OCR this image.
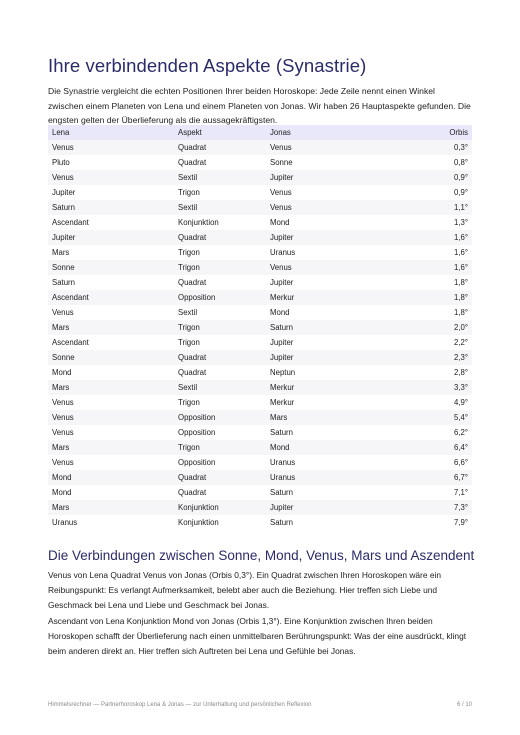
Ihre verbindenden Aspekte (Synastrie)

Die Synastrie vergleicht die echten Positionen Ihrer beiden Horoskope: Jede Zeile nennt einen Winkel zwischen einem Planeten von Lena und einem Planeten von Jonas. Wir haben 26 Hauptaspekte gefunden. Die engsten gelten der Überlieferung als die aussagekräftigsten.

Lena	Aspekt	Jonas	Orbis
Venus	Quadrat	Venus	0,3°
Pluto	Quadrat	Sonne	0,8°
Venus	Sextil	Jupiter	0,9°
Jupiter	Trigon	Venus	0,9°
Saturn	Sextil	Venus	1,1°
Ascendant	Konjunktion	Mond	1,3°
Jupiter	Quadrat	Jupiter	1,6°
Mars	Trigon	Uranus	1,6°
Sonne	Trigon	Venus	1,6°
Saturn	Quadrat	Jupiter	1,8°
Ascendant	Opposition	Merkur	1,8°
Venus	Sextil	Mond	1,8°
Mars	Trigon	Saturn	2,0°
Ascendant	Trigon	Jupiter	2,2°
Sonne	Quadrat	Jupiter	2,3°
Mond	Quadrat	Neptun	2,8°
Mars	Sextil	Merkur	3,3°
Venus	Trigon	Merkur	4,9°
Venus	Opposition	Mars	5,4°
Venus	Opposition	Saturn	6,2°
Mars	Trigon	Mond	6,4°
Venus	Opposition	Uranus	6,6°
Mond	Quadrat	Uranus	6,7°
Mond	Quadrat	Saturn	7,1°
Mars	Konjunktion	Jupiter	7,3°
Uranus	Konjunktion	Saturn	7,9°
Die Verbindungen zwischen Sonne, Mond, Venus, Mars und Aszendent

Venus von Lena Quadrat Venus von Jonas (Orbis 0,3°). Ein Quadrat zwischen Ihren Horoskopen wäre ein Reibungspunkt: Es verlangt Aufmerksamkeit, belebt aber auch die Beziehung. Hier treffen sich Liebe und Geschmack bei Lena und Liebe und Geschmack bei Jonas.

Ascendant von Lena Konjunktion Mond von Jonas (Orbis 1,3°). Eine Konjunktion zwischen Ihren beiden Horoskopen schafft der Überlieferung nach einen unmittelbaren Berührungspunkt: Was der eine ausdrückt, klingt beim anderen direkt an. Hier treffen sich Auftreten bei Lena und Gefühle bei Jonas.

Himmelsrechner — Partnerhoroskop Lena & Jonas — zur Unterhaltung und persönlichen Reflexion	6 / 10
